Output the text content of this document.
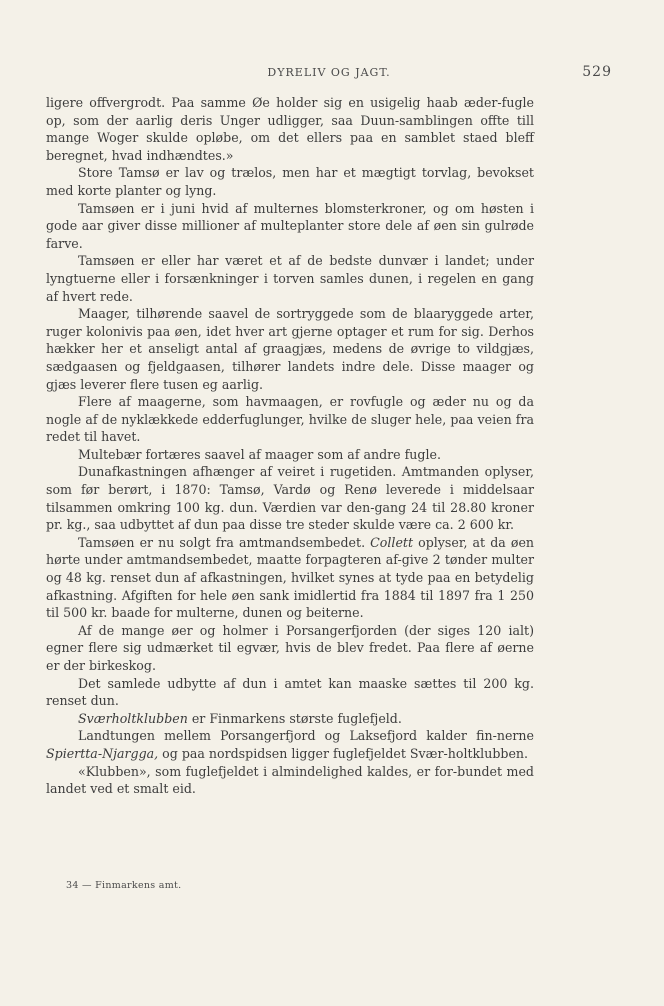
DYRELIV OG JAGT.	529

ligere offvergrodt. Paa samme Øe holder sig en usigelig haab æder-fugle op, som der aarlig deris Unger udligger, saa Duun-samblingen offte till mange Woger skulde opløbe, om det ellers paa en samblet staed bleff beregnet, hvad indhændtes.»

Store Tamsø er lav og trælos, men har et mægtigt torvlag, bevokset med korte planter og lyng.

Tamsøen er i juni hvid af multernes blomsterkroner, og om høsten i gode aar giver disse millioner af multeplanter store dele af øen sin gulrøde farve.

Tamsøen er eller har været et af de bedste dunvær i landet; under lyngtuerne eller i forsænkninger i torven samles dunen, i regelen en gang af hvert rede.

Maager, tilhørende saavel de sortryggede som de blaaryggede arter, ruger kolonivis paa øen, idet hver art gjerne optager et rum for sig. Derhos hækker her et anseligt antal af graagjæs, medens de øvrige to vildgjæs, sædgaasen og fjeldgaasen, tilhører landets indre dele. Disse maager og gjæs leverer flere tusen eg aarlig.

Flere af maagerne, som havmaagen, er rovfugle og æder nu og da nogle af de nyklækkede edderfuglunger, hvilke de sluger hele, paa veien fra redet til havet.

Multebær fortæres saavel af maager som af andre fugle.

Dunafkastningen afhænger af veiret i rugetiden. Amtmanden oplyser, som før berørt, i 1870: Tamsø, Vardø og Renø leverede i middelsaar tilsammen omkring 100 kg. dun. Værdien var den-gang 24 til 28.80 kroner pr. kg., saa udbyttet af dun paa disse tre steder skulde være ca. 2 600 kr.

Tamsøen er nu solgt fra amtmandsembedet. Collett oplyser, at da øen hørte under amtmandsembedet, maatte forpagteren af-give 2 tønder multer og 48 kg. renset dun af afkastningen, hvilket synes at tyde paa en betydelig afkastning. Afgiften for hele øen sank imidlertid fra 1884 til 1897 fra 1 250 til 500 kr. baade for multerne, dunen og beiterne.

Af de mange øer og holmer i Porsangerfjorden (der siges 120 ialt) egner flere sig udmærket til egvær, hvis de blev fredet. Paa flere af øerne er der birkeskog.

Det samlede udbytte af dun i amtet kan maaske sættes til 200 kg. renset dun.

Sværholtklubben er Finmarkens største fuglefjeld.

Landtungen mellem Porsangerfjord og Laksefjord kalder fin-nerne Spiertta-Njargga, og paa nordspidsen ligger fuglefjeldet Svær-holtklubben.

«Klubben», som fuglefjeldet i almindelighed kaldes, er for-bundet med landet ved et smalt eid.

34 — Finmarkens amt.
